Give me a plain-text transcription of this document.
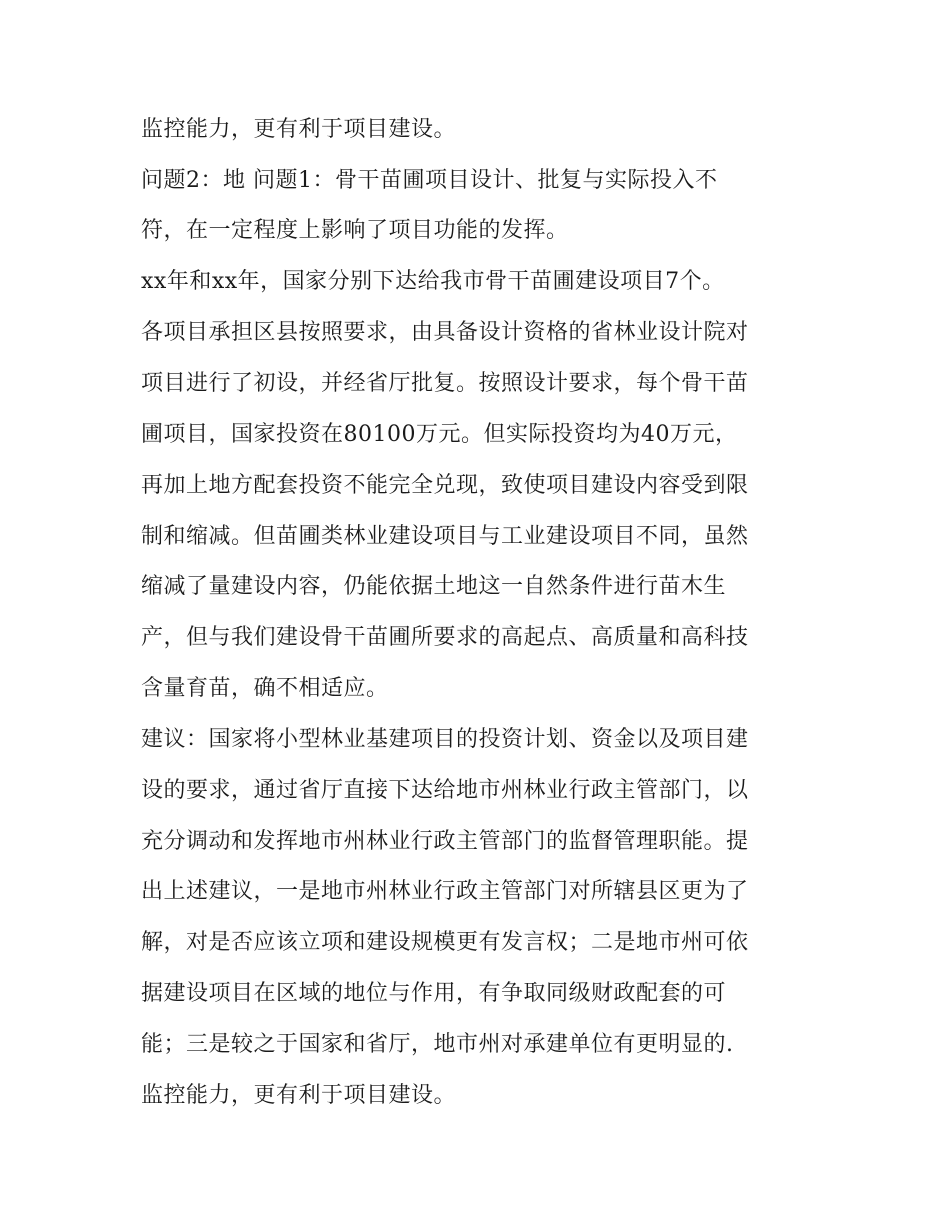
监控能力，更有利于项目建设。
问题2：地 问题1：骨干苗圃项目设计、批复与实际投入不
符，在一定程度上影响了项目功能的发挥。
xx年和xx年，国家分别下达给我市骨干苗圃建设项目7个。
各项目承担区县按照要求，由具备设计资格的省林业设计院对
项目进行了初设，并经省厅批复。按照设计要求，每个骨干苗
圃项目，国家投资在80100万元。但实际投资均为40万元，
再加上地方配套投资不能完全兑现，致使项目建设内容受到限
制和缩减。但苗圃类林业建设项目与工业建设项目不同，虽然
缩减了量建设内容，仍能依据土地这一自然条件进行苗木生
产，但与我们建设骨干苗圃所要求的高起点、高质量和高科技
含量育苗，确不相适应。
建议：国家将小型林业基建项目的投资计划、资金以及项目建
设的要求，通过省厅直接下达给地市州林业行政主管部门，以
充分调动和发挥地市州林业行政主管部门的监督管理职能。提
出上述建议，一是地市州林业行政主管部门对所辖县区更为了
解，对是否应该立项和建设规模更有发言权；二是地市州可依
据建设项目在区域的地位与作用，有争取同级财政配套的可
能；三是较之于国家和省厅，地市州对承建单位有更明显的.
监控能力，更有利于项目建设。
